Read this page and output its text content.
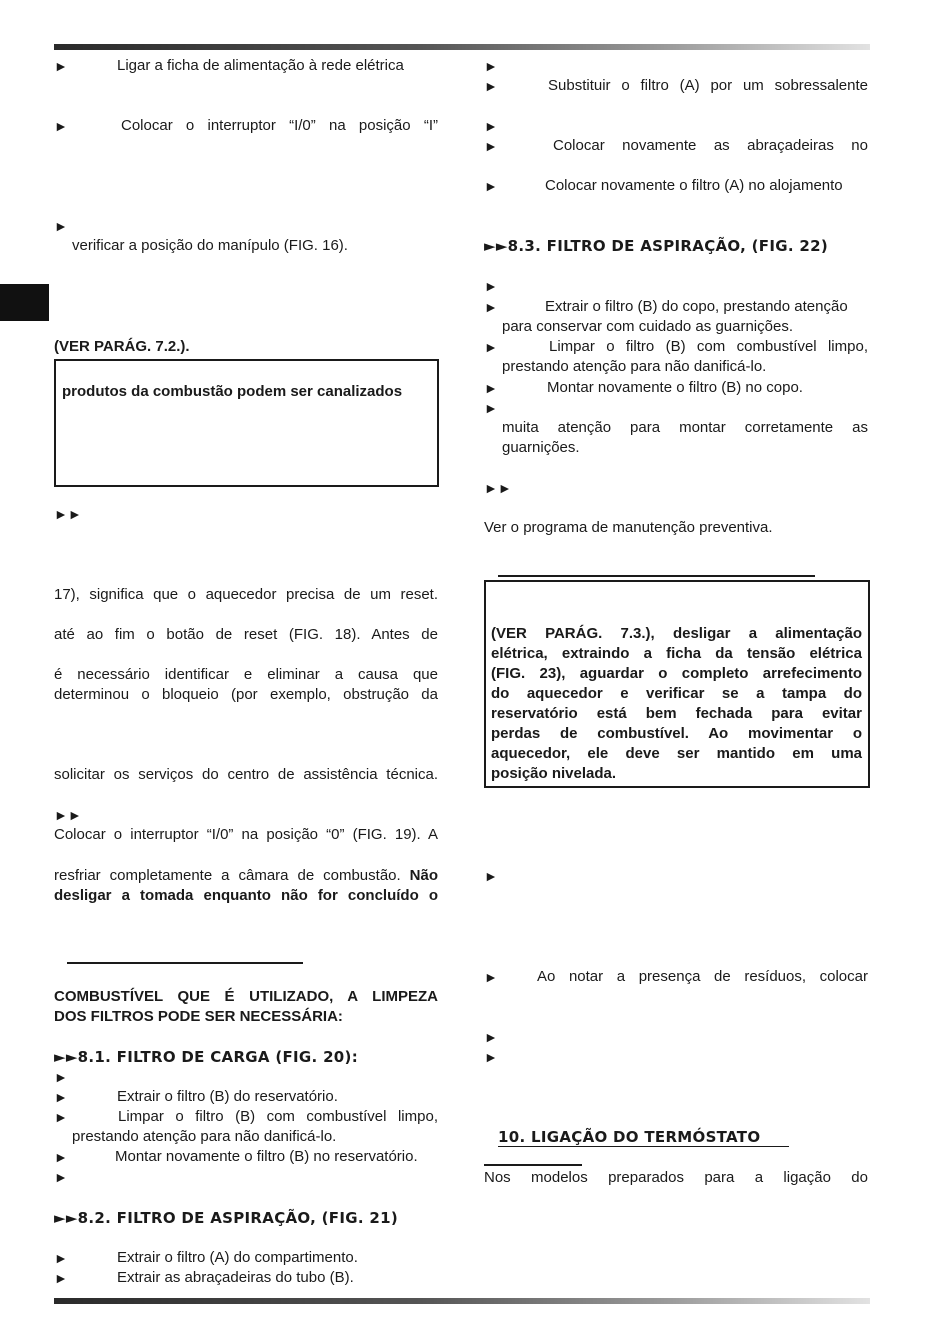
►	Ligar a ficha de alimentação à rede elétrica
►	Colocar o interruptor “I/0” na posição “I”
►
verificar a posição do manípulo (FIG. 16).
(VER PARÁG. 7.2.).
produtos da combustão podem ser canalizados
►►
17), significa que o aquecedor precisa de um reset.
até ao fim o botão de reset (FIG. 18). Antes de
é necessário identificar e eliminar a causa que
determinou o bloqueio (por exemplo, obstrução da
solicitar os serviços do centro de assistência técnica.
►►
Colocar o interruptor “I/0” na posição “0” (FIG. 19). A
resfriar completamente a câmara de combustão. Não
desligar a tomada enquanto não for concluído o
COMBUSTÍVEL QUE É UTILIZADO, A LIMPEZA
DOS FILTROS PODE SER NECESSÁRIA:
►►8.1. FILTRO DE CARGA (FIG. 20):
►
►	Extrair o filtro (B) do reservatório.
►	Limpar o filtro (B) com combustível limpo,
prestando atenção para não danificá-lo.
►	Montar novamente o filtro (B) no reservatório.
►
►►8.2. FILTRO DE ASPIRAÇÃO, (FIG. 21)
►	Extrair o filtro (A) do compartimento.
►	Extrair as abraçadeiras do tubo (B).
►
►	Substituir o filtro (A) por um sobressalente
►
►	Colocar novamente as abraçadeiras no
►	Colocar novamente o filtro (A) no alojamento
►►8.3. FILTRO DE ASPIRAÇÃO, (FIG. 22)
►
►	Extrair o filtro (B) do copo, prestando atenção
para conservar com cuidado as guarnições.
►	Limpar o filtro (B) com combustível limpo,
prestando atenção para não danificá-lo.
►	Montar novamente o filtro (B) no copo.
►
muita atenção para montar corretamente as
guarnições.
►►
Ver o programa de manutenção preventiva.
(VER PARÁG. 7.3.), desligar a alimentação
elétrica, extraindo a ficha da tensão elétrica
(FIG. 23), aguardar o completo arrefecimento
do aquecedor e verificar se a tampa do
reservatório está bem fechada para evitar
perdas de combustível. Ao movimentar o
aquecedor, ele deve ser mantido em uma
posição nivelada.
►
►	Ao notar a presença de resíduos, colocar
►
►
10. LIGAÇÃO DO TERMÓSTATO
Nos modelos preparados para a ligação do
